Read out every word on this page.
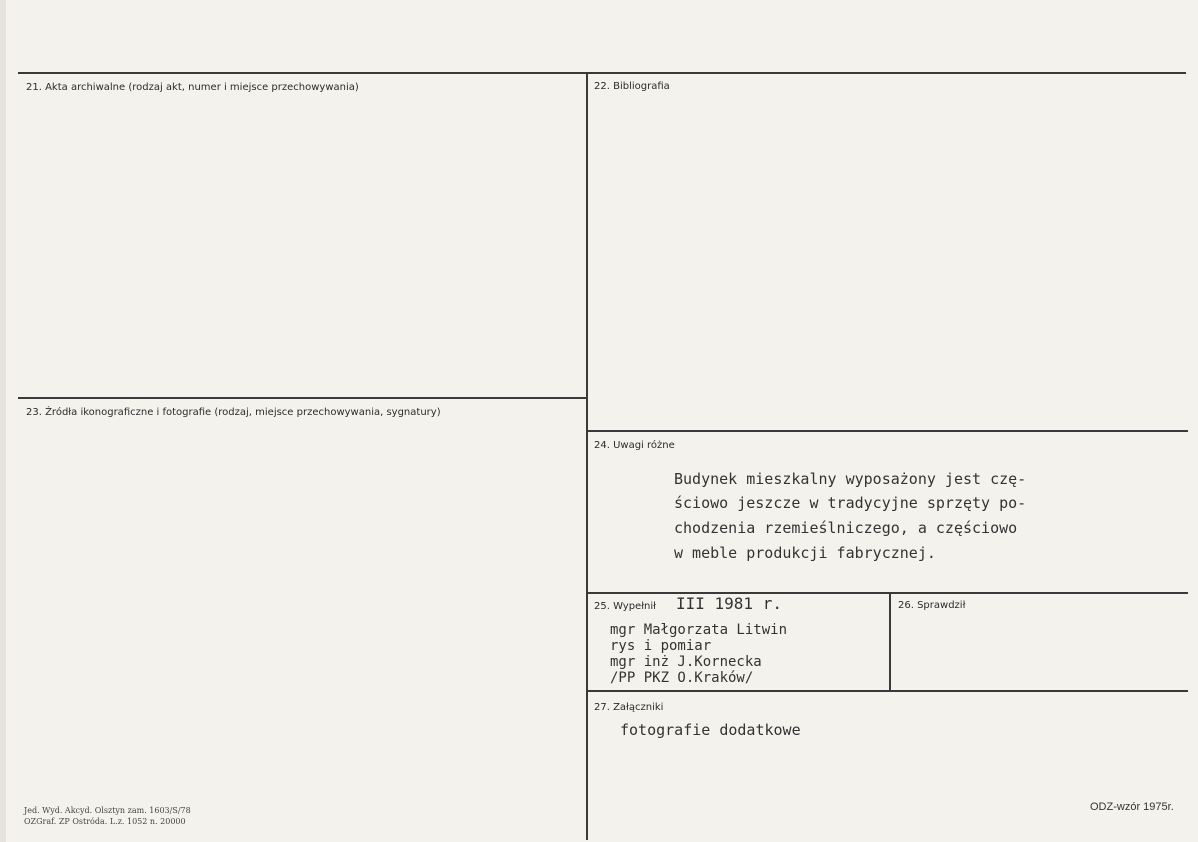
21. Akta archiwalne (rodzaj akt, numer i miejsce przechowywania)	22. Bibliografia
23. Źródła ikonograficzne i fotografie (rodzaj, miejsce przechowywania, sygnatury)
24. Uwagi różne
25. Wypełnił	26. Sprawdził
27. Załączniki
Budynek mieszkalny wyposażony jest czę-
ściowo jeszcze w tradycyjne sprzęty po-
chodzenia rzemieślniczego, a częściowo
w meble produkcji fabrycznej.
III 1981 r.
mgr Małgorzata Litwin
rys i pomiar
mgr inż J.Kornecka
/PP PKZ O.Kraków/
fotografie dodatkowe
Jed. Wyd. Akcyd. Olsztyn zam. 1603/S/78
OZGraf. ZP Ostróda. L.z. 1052 n. 20000
ODZ-wzór 1975r.
